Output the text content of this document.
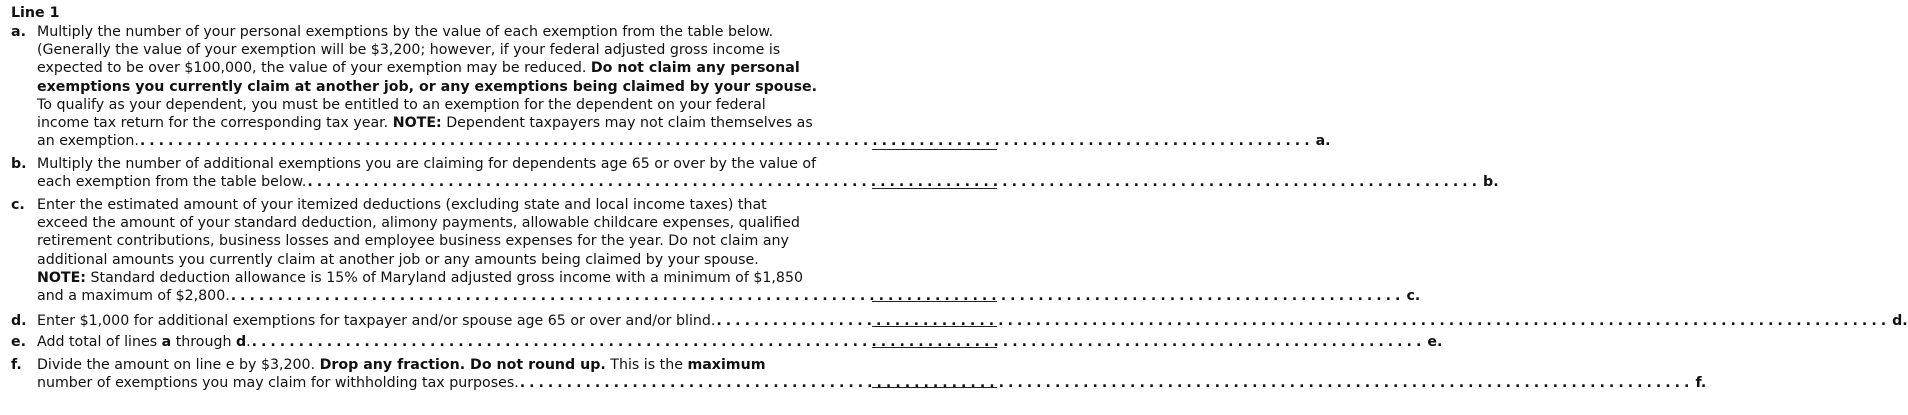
Line 1
a. Multiply the number of your personal exemptions by the value of each exemption from the table below.
(Generally the value of your exemption will be $3,200; however, if your federal adjusted gross income is
expected to be over $100,000, the value of your exemption may be reduced. Do not claim any personal
exemptions you currently claim at another job, or any exemptions being claimed by your spouse.
To qualify as your dependent, you must be entitled to an exemption for the dependent on your federal
income tax return for the corresponding tax year. NOTE: Dependent taxpayers may not claim themselves as
an exemption. ............................................................................................................................. a.
b. Multiply the number of additional exemptions you are claiming for dependents age 65 or over by the value of
each exemption from the table below. ............................................................................................................................. b.
c. Enter the estimated amount of your itemized deductions (excluding state and local income taxes) that
exceed the amount of your standard deduction, alimony payments, allowable childcare expenses, qualified
retirement contributions, business losses and employee business expenses for the year. Do not claim any
additional amounts you currently claim at another job or any amounts being claimed by your spouse.
NOTE: Standard deduction allowance is 15% of Maryland adjusted gross income with a minimum of $1,850
and a maximum of $2,800. ............................................................................................................................. c.
d. Enter $1,000 for additional exemptions for taxpayer and/or spouse age 65 or over and/or blind. ............................................................................................................................. d.
e. Add total of lines a through d. ............................................................................................................................. e.
f.	Divide the amount on line e by $3,200. Drop any fraction. Do not round up. This is the maximum
number of exemptions you may claim for withholding tax purposes. ............................................................................................................................. f.
